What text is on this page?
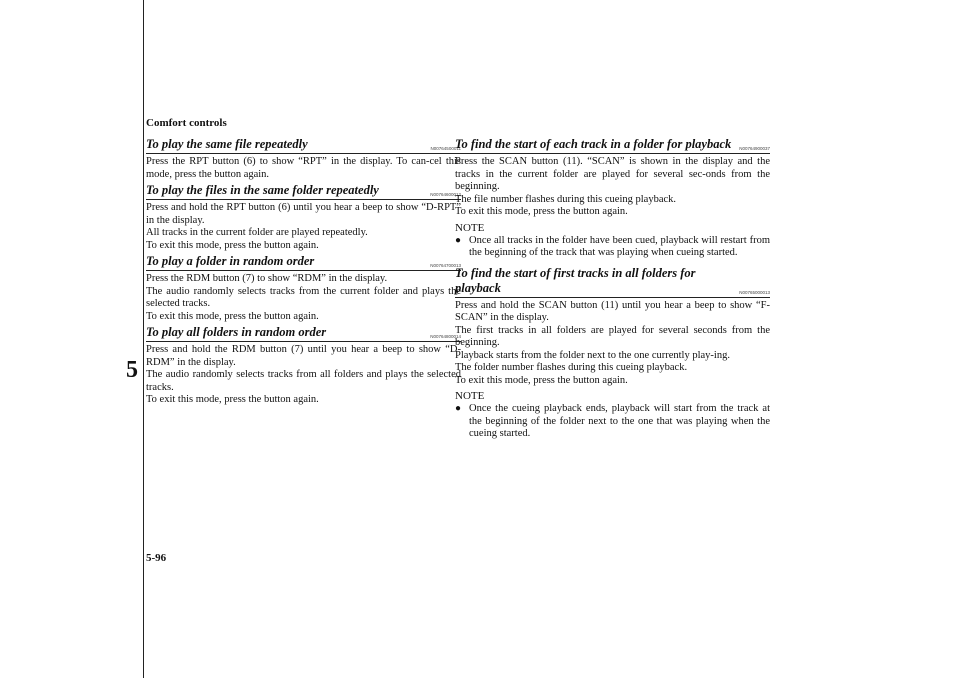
Comfort controls
5
5-96
To play the same file repeatedly	N00764500011

Press the RPT button (6) to show “RPT” in the display. To can-cel this mode, press the button again.

To play the files in the same folder repeatedly	N00764600012

Press and hold the RPT button (6) until you hear a beep to show “D-RPT” in the display.

All tracks in the current folder are played repeatedly.

To exit this mode, press the button again.

To play a folder in random order	N00764700013

Press the RDM button (7) to show “RDM” in the display.

The audio randomly selects tracks from the current folder and plays the selected tracks.

To exit this mode, press the button again.

To play all folders in random order	N00764800014

Press and hold the RDM button (7) until you hear a beep to show “D-RDM” in the display.

The audio randomly selects tracks from all folders and plays the selected tracks.

To exit this mode, press the button again.

To find the start of each track in a folder for playback	N00764900037

Press the SCAN button (11). “SCAN” is shown in the display and the tracks in the current folder are played for several sec-onds from the beginning.

The file number flashes during this cueing playback.

To exit this mode, press the button again.

NOTE
● Once all tracks in the folder have been cued, playback will restart from the beginning of the track that was playing when cueing started.
To find the start of first tracks in all folders for playback	N00765000013

Press and hold the SCAN button (11) until you hear a beep to show “F-SCAN” in the display.

The first tracks in all folders are played for several seconds from the beginning.

Playback starts from the folder next to the one currently play-ing.

The folder number flashes during this cueing playback.

To exit this mode, press the button again.

NOTE
● Once the cueing playback ends, playback will start from the track at the beginning of the folder next to the one that was playing when the cueing started.
